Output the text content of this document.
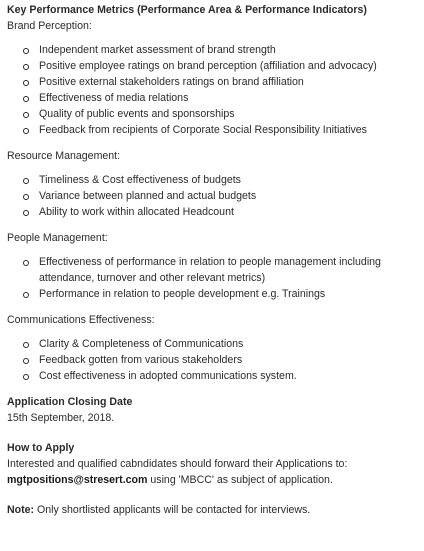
Key Performance Metrics (Performance Area & Performance Indicators)
Brand Perception:
Independent market assessment of brand strength
Positive employee ratings on brand perception (affiliation and advocacy)
Positive external stakeholders ratings on brand affiliation
Effectiveness of media relations
Quality of public events and sponsorships
Feedback from recipients of Corporate Social Responsibility Initiatives
Resource Management:
Timeliness & Cost effectiveness of budgets
Variance between planned and actual budgets
Ability to work within allocated Headcount
People Management:
Effectiveness of performance in relation to people management including attendance, turnover and other relevant metrics)
Performance in relation to people development e.g. Trainings
Communications Effectiveness:
Clarity & Completeness of Communications
Feedback gotten from various stakeholders
Cost effectiveness in adopted communications system.
Application Closing Date
15th September, 2018.
How to Apply
Interested and qualified cabndidates should forward their Applications to:
mgtpositions@stresert.com using 'MBCC' as subject of application.
Note: Only shortlisted applicants will be contacted for interviews.
